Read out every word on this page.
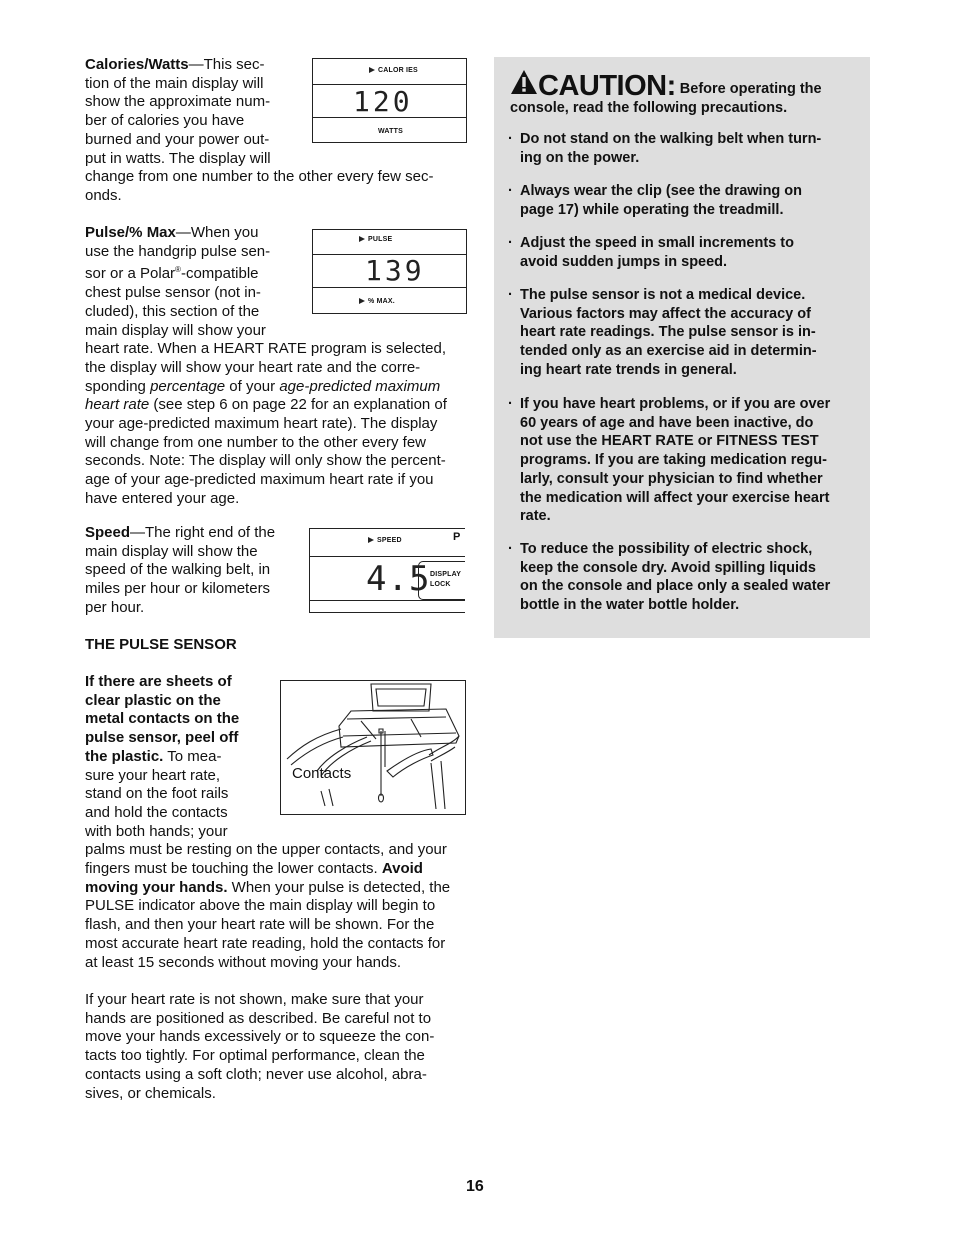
Calories/Watts—This sec-
tion of the main display will
show the approximate num-
ber of calories you have
burned and your power out-
put in watts. The display will
change from one number to the other every few sec-
onds.
CALOR IES
120
WATTS
Pulse/% Max—When you
use the handgrip pulse sen-
sor or a Polar®-compatible
chest pulse sensor (not in-
cluded), this section of the
main display will show your
heart rate. When a HEART RATE program is selected,
the display will show your heart rate and the corre-
sponding percentage of your age-predicted maximum
heart rate (see step 6 on page 22 for an explanation of
your age-predicted maximum heart rate). The display
will change from one number to the other every few
seconds. Note: The display will only show the percent-
age of your age-predicted maximum heart rate if you
have entered your age.
PULSE
139
% MAX.
Speed—The right end of the
main display will show the
speed of the walking belt, in
miles per hour or kilometers
per hour.
SPEED	P
4.5 DISPLAY
LOCK
THE PULSE SENSOR
If there are sheets of
clear plastic on the
metal contacts on the
pulse sensor, peel off
the plastic. To mea-
sure your heart rate,
stand on the foot rails
and hold the contacts
with both hands; your
palms must be resting on the upper contacts, and your
fingers must be touching the lower contacts. Avoid
moving your hands. When your pulse is detected, the
PULSE indicator above the main display will begin to
flash, and then your heart rate will be shown. For the
most accurate heart rate reading, hold the contacts for
at least 15 seconds without moving your hands.
If your heart rate is not shown, make sure that your
hands are positioned as described. Be careful not to
move your hands excessively or to squeeze the con-
tacts too tightly. For optimal performance, clean the
contacts using a soft cloth; never use alcohol, abra-
sives, or chemicals.
Contacts
CAUTION: Before operating the
console, read the following precautions.
· Do not stand on the walking belt when turn-
ing on the power.
· Always wear the clip (see the drawing on
page 17) while operating the treadmill.
· Adjust the speed in small increments to
avoid sudden jumps in speed.
· The pulse sensor is not a medical device.
Various factors may affect the accuracy of
heart rate readings. The pulse sensor is in-
tended only as an exercise aid in determin-
ing heart rate trends in general.
· If you have heart problems, or if you are over
60 years of age and have been inactive, do
not use the HEART RATE or FITNESS TEST
programs. If you are taking medication regu-
larly, consult your physician to find whether
the medication will affect your exercise heart
rate.
· To reduce the possibility of electric shock,
keep the console dry. Avoid spilling liquids
on the console and place only a sealed water
bottle in the water bottle holder.
16
